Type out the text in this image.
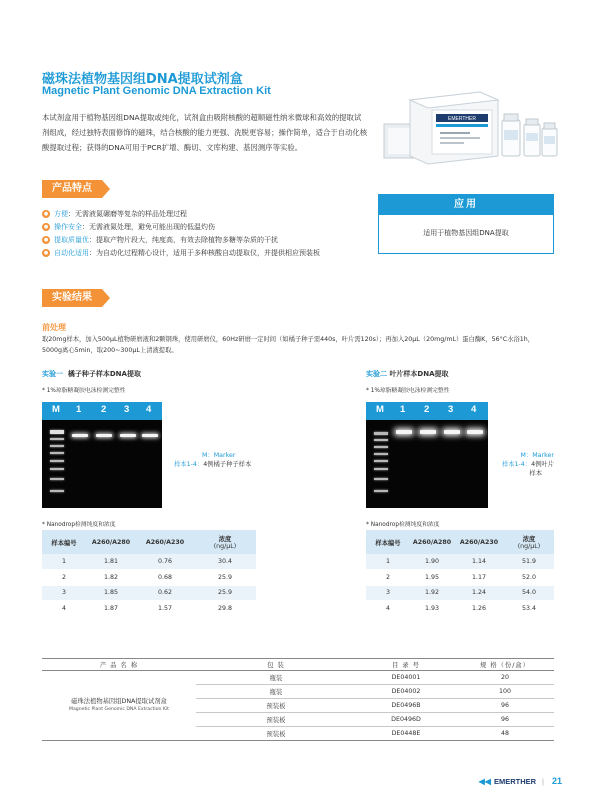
磁珠法植物基因组DNA提取试剂盒
Magnetic Plant Genomic DNA Extraction Kit
本试剂盒用于植物基因组DNA提取或纯化，试剂盒由吸附核酸的超顺磁性纳米微球和高效的提取试剂组成，经过独特表面修饰的磁珠，结合核酸的能力更强、洗脱更容易；操作简单，适合于自动化核酸提取过程；获得的DNA可用于PCR扩增、酶切、文库构建、基因测序等实验。
EMERTHER
产品特点
● 方便：无需液氮碾磨等复杂的样品处理过程
● 操作安全：无需液氮处理，避免可能出现的低温灼伤
● 提取质量优：提取产物片段大，纯度高，有效去除植物多糖等杂质的干扰
● 自动化适用：为自动化过程精心设计，适用于多种核酸自动提取仪，并提供相应预装板
应用
适用于植物基因组DNA提取
实验结果
前处理
取20mg样本，加入500µL植物研磨液和2颗钢珠，使用研磨仪，60Hz研磨一定时间（如橘子种子需440s，叶片需120s）；再加入20µL（20mg/mL）蛋白酶K，56°C水浴1h，5000g离心5min，取200~300µL上清液提取。
实验一 橘子种子样本DNA提取
* 1%琼脂糖凝胶电泳检测完整性
M 1 2 3 4
M：Marker
样本1-4：4例橘子种子样本
* Nanodrop检测纯度和浓度
样本编号	A260/A280	A260/A230	浓度
(ng/µL)

1	1.81	0.76	30.4
2	1.82	0.68	25.9
3	1.85	0.62	25.9
4	1.87	1.57	29.8
实验二 叶片样本DNA提取
* 1%琼脂糖凝胶电泳检测完整性
M 1 2 3 4
M：Marker
样本1-4：4例叶片
样本
* Nanodrop检测纯度和浓度
样本编号	A260/A280	A260/A230	浓度
(ng/µL)

1	1.90	1.14	51.9
2	1.95	1.17	52.0
3	1.92	1.24	54.0
4	1.93	1.26	53.4
产 品 名 称	包 装	目 录 号	规 格（份/盒）

磁珠法植物基因组DNA提取试剂盒
Magnetic Plant Genomic DNA Extraction Kit	瓶装	DE04001	20
	瓶装	DE04002	100
	预装板	DE0496B	96
	预装板	DE0496D	96
	预装板	DE0448E	48
◀◀ EMERTHER | 21
